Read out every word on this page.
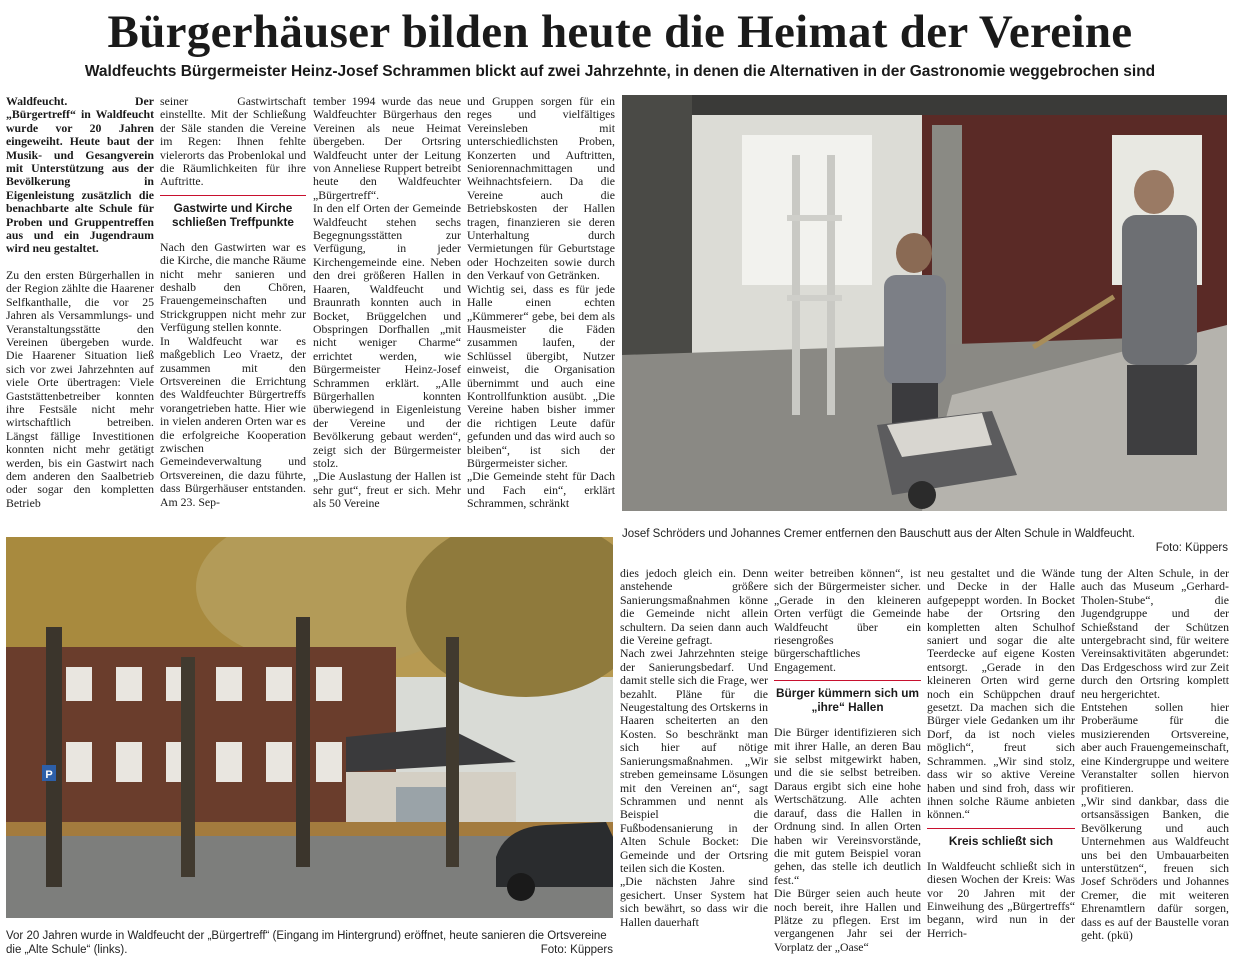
Bürgerhäuser bilden heute die Heimat der Vereine
Waldfeuchts Bürgermeister Heinz-Josef Schrammen blickt auf zwei Jahrzehnte, in denen die Alternativen in der Gastronomie weggebrochen sind

Waldfeucht. Der „Bürgertreff“ in Waldfeucht wurde vor 20 Jahren eingeweiht. Heute baut der Musik- und Gesangverein mit Unterstützung aus der Bevölkerung in Eigenleistung zusätzlich die benachbarte alte Schule für Proben und Gruppentreffen aus und ein Jugendraum wird neu gestaltet.

Zu den ersten Bürgerhallen in der Region zählte die Haarener Selfkanthalle, die vor 25 Jahren als Versammlungs- und Veranstaltungsstätte den Vereinen übergeben wurde. Die Haarener Situation ließ sich vor zwei Jahrzehnten auf viele Orte übertragen: Viele Gaststättenbetreiber konnten ihre Festsäle nicht mehr wirtschaftlich betreiben. Längst fällige Investitionen konnten nicht mehr getätigt werden, bis ein Gastwirt nach dem anderen den Saalbetrieb oder sogar den kompletten Betrieb

seiner Gastwirtschaft einstellte. Mit der Schließung der Säle standen die Vereine im Regen: Ihnen fehlte vielerorts das Probenlokal und die Räumlichkeiten für ihre Auftritte.

Gastwirte und Kirche schließen Treffpunkte

Nach den Gastwirten war es die Kirche, die manche Räume nicht mehr sanieren und deshalb den Chören, Frauengemeinschaften und Strickgruppen nicht mehr zur Verfügung stellen konnte.

In Waldfeucht war es maßgeblich Leo Vraetz, der zusammen mit den Ortsvereinen die Errichtung des Waldfeuchter Bürgertreffs vorangetrieben hatte. Hier wie in vielen anderen Orten war es die erfolgreiche Kooperation zwischen Gemeindeverwaltung und Ortsvereinen, die dazu führte, dass Bürgerhäuser entstanden. Am 23. Sep-

tember 1994 wurde das neue Waldfeuchter Bürgerhaus den Vereinen als neue Heimat übergeben. Der Ortsring Waldfeucht unter der Leitung von Anneliese Ruppert betreibt heute den Waldfeuchter „Bürgertreff“.

In den elf Orten der Gemeinde Waldfeucht stehen sechs Begegnungsstätten zur Verfügung, in jeder Kirchengemeinde eine. Neben den drei größeren Hallen in Haaren, Waldfeucht und Braunrath konnten auch in Bocket, Brüggelchen und Obspringen Dorfhallen „mit nicht weniger Charme“ errichtet werden, wie Bürgermeister Heinz-Josef Schrammen erklärt. „Alle Bürgerhallen konnten überwiegend in Eigenleistung der Vereine und der Bevölkerung gebaut werden“, zeigt sich der Bürgermeister stolz.

„Die Auslastung der Hallen ist sehr gut“, freut er sich. Mehr als 50 Vereine

und Gruppen sorgen für ein reges und vielfältiges Vereinsleben mit unterschiedlichsten Proben, Konzerten und Auftritten, Seniorennachmittagen und Weihnachtsfeiern. Da die Vereine auch die Betriebskosten der Hallen tragen, finanzieren sie deren Unterhaltung durch Vermietungen für Geburtstage oder Hochzeiten sowie durch den Verkauf von Getränken.

Wichtig sei, dass es für jede Halle einen echten „Kümmerer“ gebe, bei dem als Hausmeister die Fäden zusammen laufen, der Schlüssel übergibt, Nutzer einweist, die Organisation übernimmt und auch eine Kontrollfunktion ausübt. „Die Vereine haben bisher immer die richtigen Leute dafür gefunden und das wird auch so bleiben“, ist sich der Bürgermeister sicher.

„Die Gemeinde steht für Dach und Fach ein“, erklärt Schrammen, schränkt

Josef Schröders und Johannes Cremer entfernen den Bauschutt aus der Alten Schule in Waldfeucht.

Foto: Küppers
P
Vor 20 Jahren wurde in Waldfeucht der „Bürgertreff“ (Eingang im Hintergrund) eröffnet, heute sanieren die Ortsvereine die „Alte Schule“ (links).	Foto: Küppers

dies jedoch gleich ein. Denn anstehende größere Sanierungsmaßnahmen könne die Gemeinde nicht allein schultern. Da seien dann auch die Vereine gefragt.

Nach zwei Jahrzehnten steige der Sanierungsbedarf. Und damit stelle sich die Frage, wer bezahlt. Pläne für die Neugestaltung des Ortskerns in Haaren scheiterten an den Kosten. So beschränkt man sich hier auf nötige Sanierungsmaßnahmen. „Wir streben gemeinsame Lösungen mit den Vereinen an“, sagt Schrammen und nennt als Beispiel die Fußbodensanierung in der Alten Schule Bocket: Die Gemeinde und der Ortsring teilen sich die Kosten.

„Die nächsten Jahre sind gesichert. Unser System hat sich bewährt, so dass wir die Hallen dauerhaft

weiter betreiben können“, ist sich der Bürgermeister sicher. „Gerade in den kleineren Orten verfügt die Gemeinde Waldfeucht über ein riesengroßes bürgerschaftliches Engagement.

Bürger kümmern sich um „ihre“ Hallen

Die Bürger identifizieren sich mit ihrer Halle, an deren Bau sie selbst mitgewirkt haben, und die sie selbst betreiben. Daraus ergibt sich eine hohe Wertschätzung. Alle achten darauf, dass die Hallen in Ordnung sind. In allen Orten haben wir Vereinsvorstände, die mit gutem Beispiel voran gehen, das stelle ich deutlich fest.“

Die Bürger seien auch heute noch bereit, ihre Hallen und Plätze zu pflegen. Erst im vergangenen Jahr sei der Vorplatz der „Oase“

neu gestaltet und die Wände und Decke in der Halle aufgepeppt worden. In Bocket habe der Ortsring den kompletten alten Schulhof saniert und sogar die alte Teerdecke auf eigene Kosten entsorgt. „Gerade in den kleineren Orten wird gerne noch ein Schüppchen drauf gesetzt. Da machen sich die Bürger viele Gedanken um ihr Dorf, da ist noch vieles möglich“, freut sich Schrammen. „Wir sind stolz, dass wir so aktive Vereine haben und sind froh, dass wir ihnen solche Räume anbieten können.“

Kreis schließt sich

In Waldfeucht schließt sich in diesen Wochen der Kreis: Was vor 20 Jahren mit der Einweihung des „Bürgertreffs“ begann, wird nun in der Herrich-

tung der Alten Schule, in der auch das Museum „Gerhard-Tholen-Stube“, die Jugendgruppe und der Schießstand der Schützen untergebracht sind, für weitere Vereinsaktivitäten abgerundet: Das Erdgeschoss wird zur Zeit durch den Ortsring komplett neu hergerichtet.

Entstehen sollen hier Proberäume für die musizierenden Ortsvereine, aber auch Frauengemeinschaft, eine Kindergruppe und weitere Veranstalter sollen hiervon profitieren.

„Wir sind dankbar, dass die ortsansässigen Banken, die Bevölkerung und auch Unternehmen aus Waldfeucht uns bei den Umbauarbeiten unterstützen“, freuen sich Josef Schröders und Johannes Cremer, die mit weiteren Ehrenamtlern dafür sorgen, dass es auf der Baustelle voran geht. (pkü)
